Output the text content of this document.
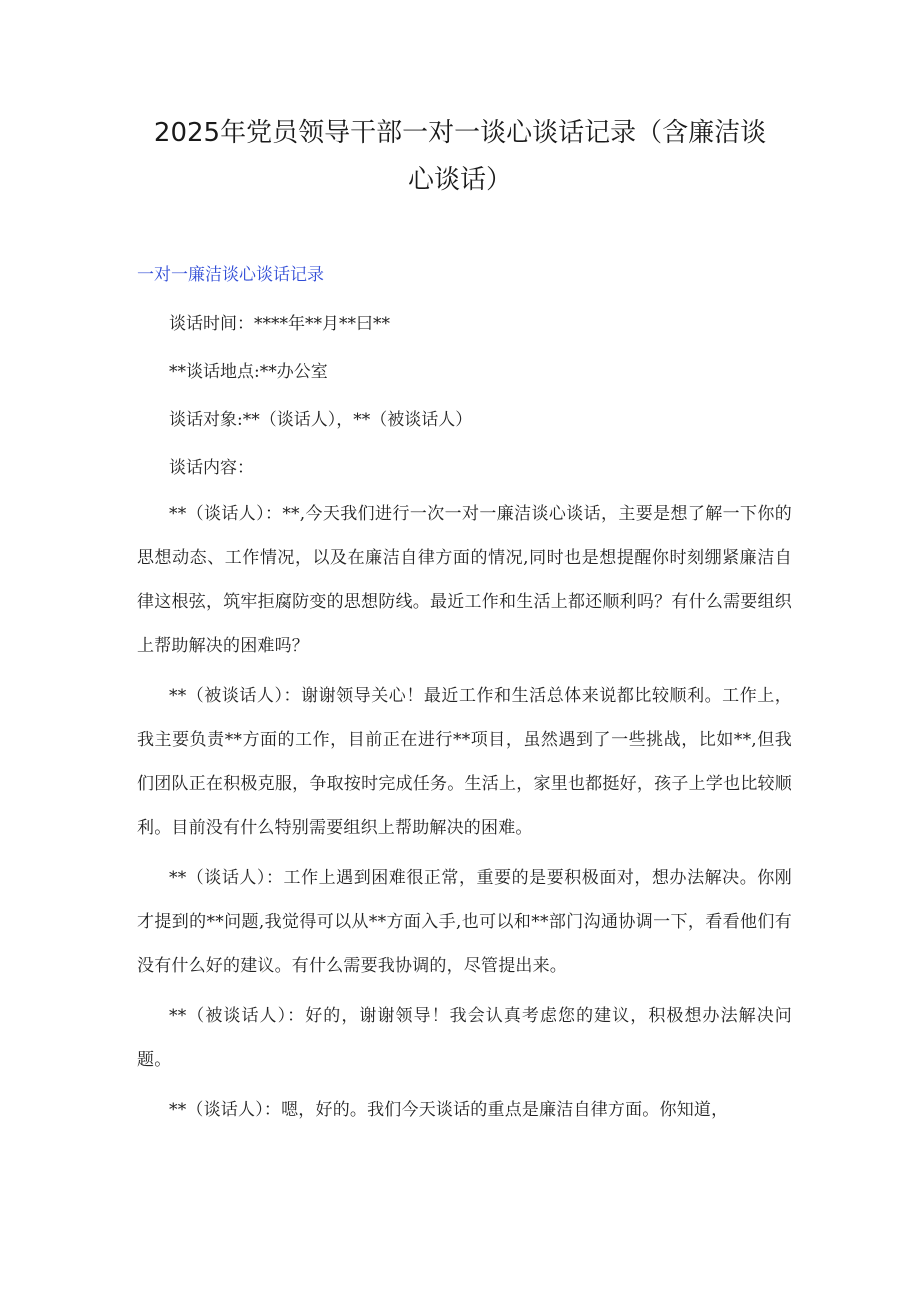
2025年党员领导干部一对一谈心谈话记录（含廉洁谈
心谈话）
一对一廉洁谈心谈话记录

谈话时间：****年**月**曰**

**谈话地点:**办公室

谈话对象:**（谈话人），**（被谈话人）

谈话内容：

**（谈话人）：**,今天我们进行一次一对一廉洁谈心谈话，主要是想了解一下你的思想动态、工作情况，以及在廉洁自律方面的情况,同时也是想提醒你时刻绷紧廉洁自律这根弦，筑牢拒腐防变的思想防线。最近工作和生活上都还顺利吗？有什么需要组织上帮助解决的困难吗？

**（被谈话人）：谢谢领导关心！最近工作和生活总体来说都比较顺利。工作上，我主要负责**方面的工作，目前正在进行**项目，虽然遇到了一些挑战，比如**,但我们团队正在积极克服，争取按时完成任务。生活上，家里也都挺好，孩子上学也比较顺利。目前没有什么特别需要组织上帮助解决的困难。

**（谈话人）：工作上遇到困难很正常，重要的是要积极面对，想办法解决。你刚才提到的**问题,我觉得可以从**方面入手,也可以和**部门沟通协调一下，看看他们有没有什么好的建议。有什么需要我协调的，尽管提出来。

**（被谈话人）：好的，谢谢领导！我会认真考虑您的建议，积极想办法解决问题。

**（谈话人）：嗯，好的。我们今天谈话的重点是廉洁自律方面。你知道，
